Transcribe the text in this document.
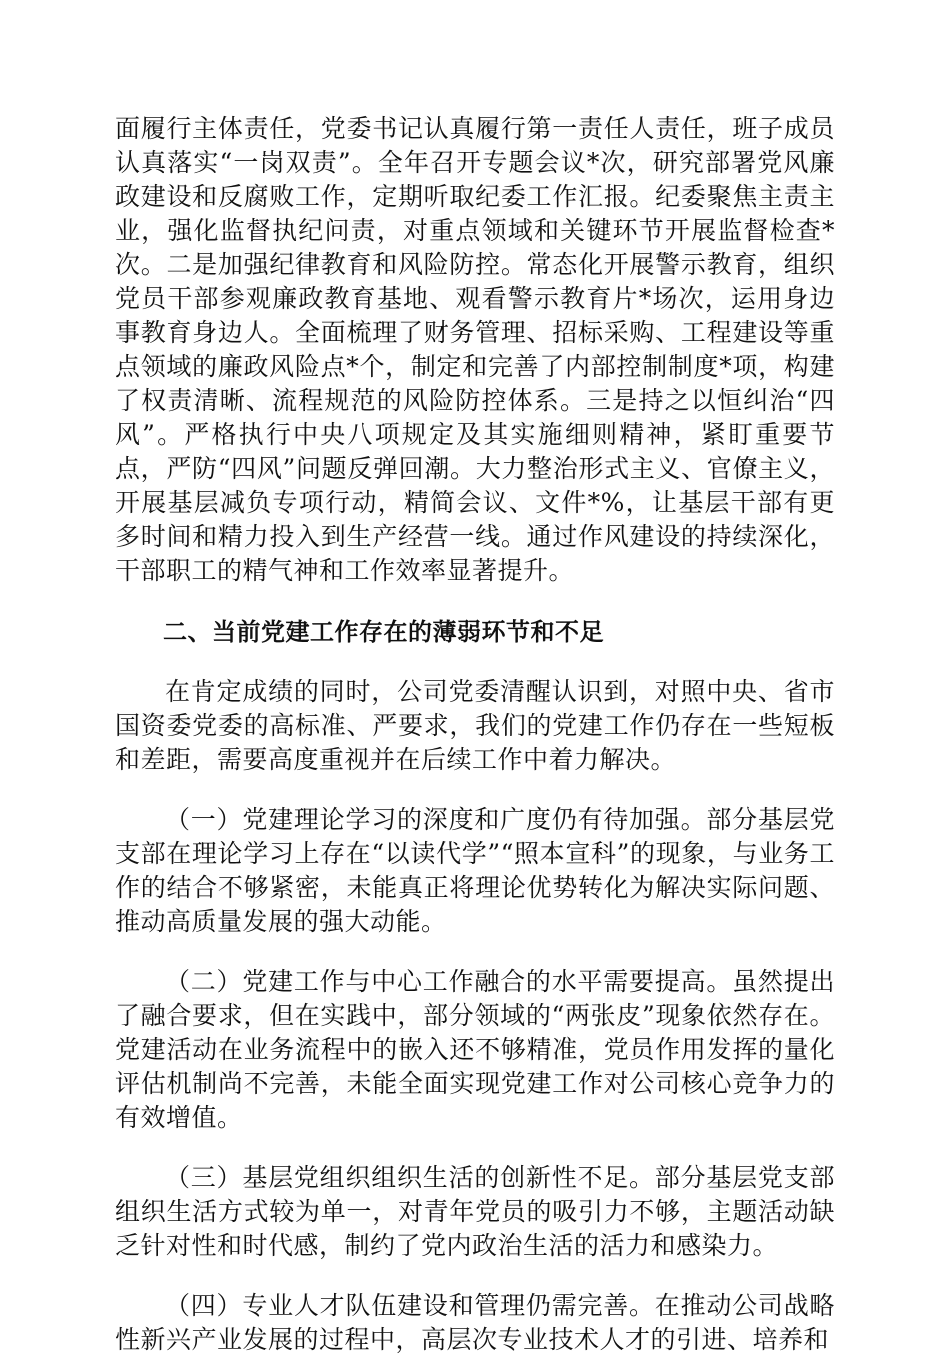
面履行主体责任，党委书记认真履行第一责任人责任，班子成员认真落实“一岗双责”。全年召开专题会议*次，研究部署党风廉政建设和反腐败工作，定期听取纪委工作汇报。纪委聚焦主责主业，强化监督执纪问责，对重点领域和关键环节开展监督检查*次。二是加强纪律教育和风险防控。常态化开展警示教育，组织党员干部参观廉政教育基地、观看警示教育片*场次，运用身边事教育身边人。全面梳理了财务管理、招标采购、工程建设等重点领域的廉政风险点*个，制定和完善了内部控制制度*项，构建了权责清晰、流程规范的风险防控体系。三是持之以恒纠治“四风”。严格执行中央八项规定及其实施细则精神，紧盯重要节点，严防“四风”问题反弹回潮。大力整治形式主义、官僚主义，开展基层减负专项行动，精简会议、文件*%，让基层干部有更多时间和精力投入到生产经营一线。通过作风建设的持续深化，干部职工的精气神和工作效率显著提升。

二、当前党建工作存在的薄弱环节和不足

在肯定成绩的同时，公司党委清醒认识到，对照中央、省市国资委党委的高标准、严要求，我们的党建工作仍存在一些短板和差距，需要高度重视并在后续工作中着力解决。

（一）党建理论学习的深度和广度仍有待加强。部分基层党支部在理论学习上存在“以读代学”“照本宣科”的现象，与业务工作的结合不够紧密，未能真正将理论优势转化为解决实际问题、推动高质量发展的强大动能。

（二）党建工作与中心工作融合的水平需要提高。虽然提出了融合要求，但在实践中，部分领域的“两张皮”现象依然存在。党建活动在业务流程中的嵌入还不够精准，党员作用发挥的量化评估机制尚不完善，未能全面实现党建工作对公司核心竞争力的有效增值。

（三）基层党组织组织生活的创新性不足。部分基层党支部组织生活方式较为单一，对青年党员的吸引力不够，主题活动缺乏针对性和时代感，制约了党内政治生活的活力和感染力。

（四）专业人才队伍建设和管理仍需完善。在推动公司战略性新兴产业发展的过程中，高层次专业技术人才的引进、培养和
